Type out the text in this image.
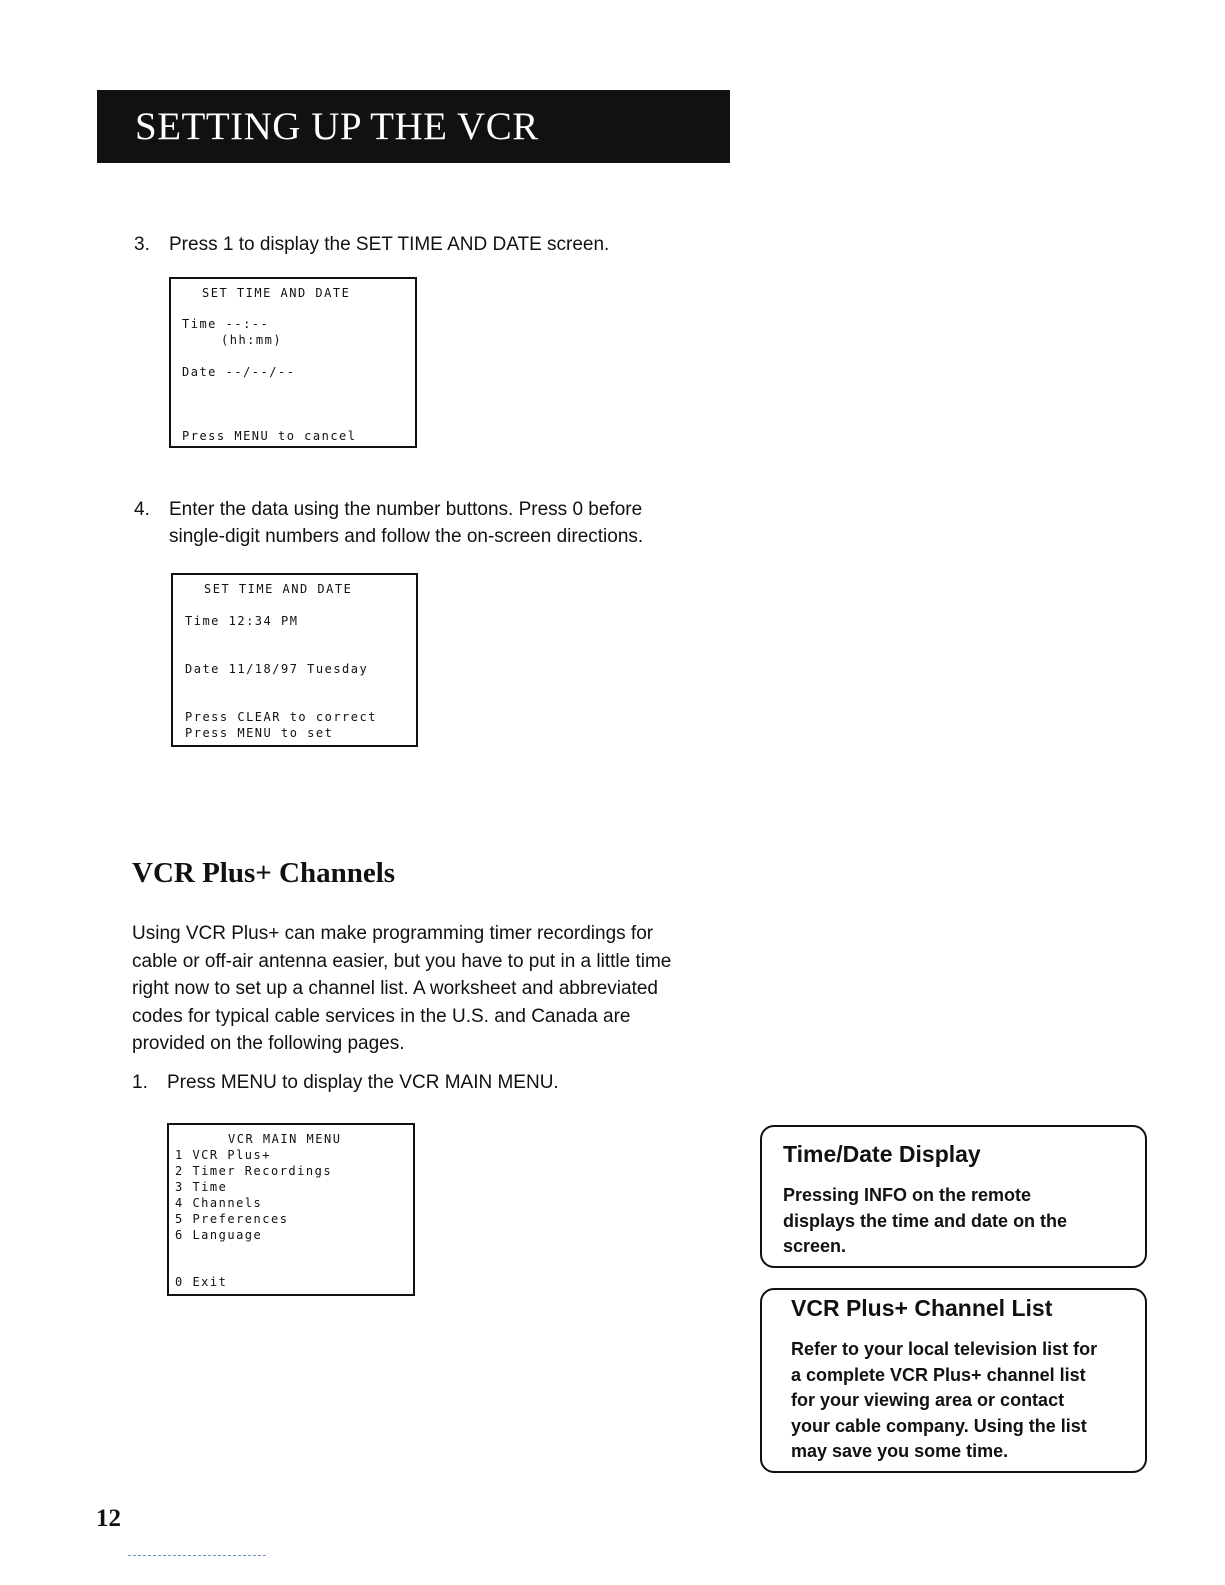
SETTING UP THE VCR
3. Press 1 to display the SET TIME AND DATE screen.
SET TIME AND DATE
Time --:--
(hh:mm)
Date --/--/--
Press MENU to cancel
4. Enter the data using the number buttons. Press 0 before
single-digit numbers and follow the on-screen directions.
SET TIME AND DATE
Time 12:34 PM
Date 11/18/97 Tuesday
Press CLEAR to correct
Press MENU to set
VCR Plus+ Channels
Using VCR Plus+ can make programming timer recordings for
cable or off-air antenna easier, but you have to put in a little time
right now to set up a channel list. A worksheet and abbreviated
codes for typical cable services in the U.S. and Canada are
provided on the following pages.
1. Press MENU to display the VCR MAIN MENU.
VCR MAIN MENU
1 VCR Plus+
2 Timer Recordings
3 Time
4 Channels
5 Preferences
6 Language
0 Exit
Time/Date Display
Pressing INFO on the remote
displays the time and date on the
screen.
VCR Plus+ Channel List
Refer to your local television list for
a complete VCR Plus+ channel list
for your viewing area or contact
your cable company. Using the list
may save you some time.
12
